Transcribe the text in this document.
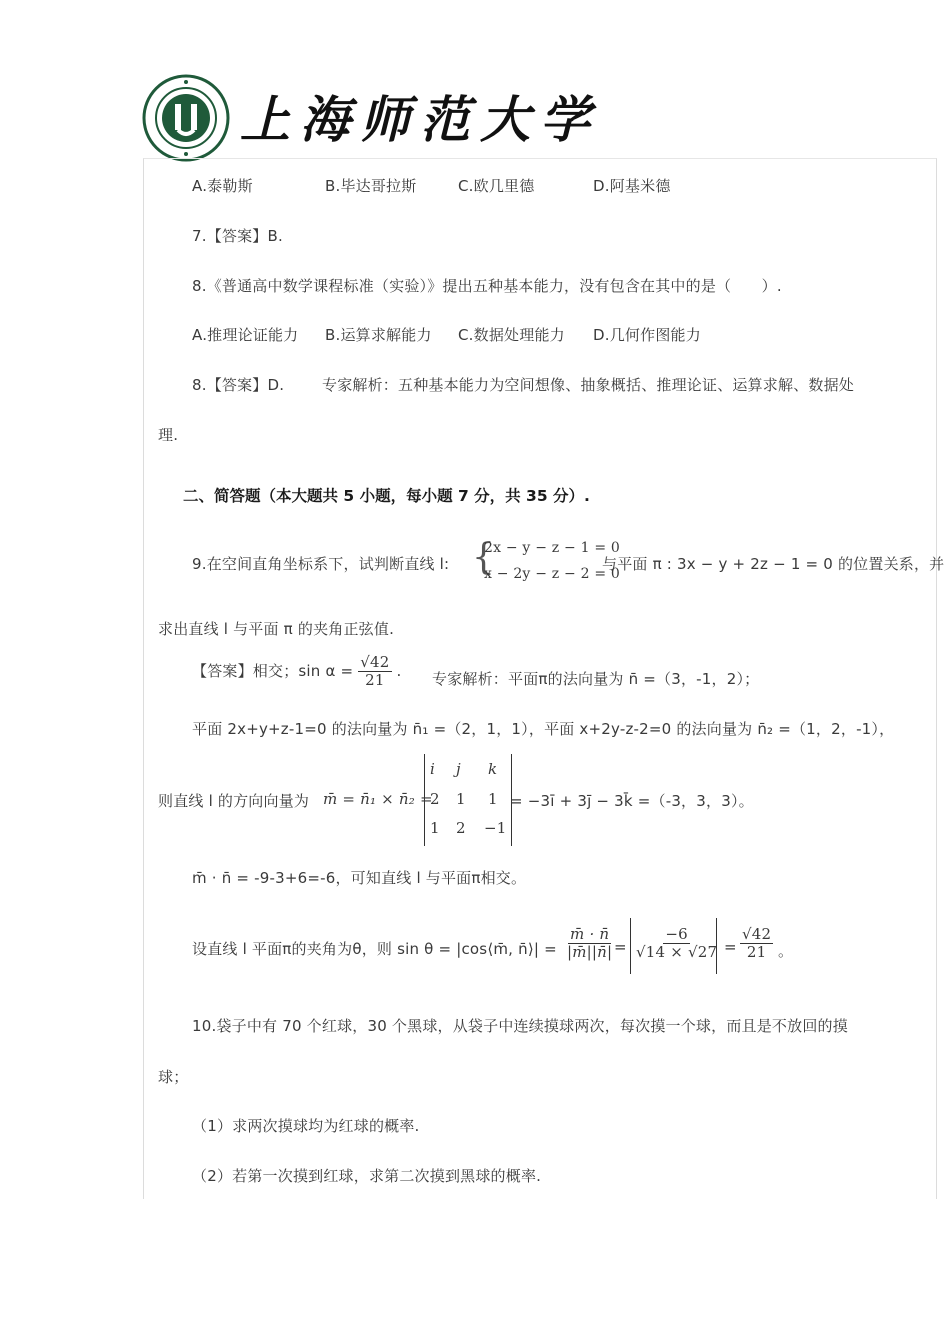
上海师范大学
A.泰勒斯	B.毕达哥拉斯	C.欧几里德	D.阿基米德
7.【答案】B.
8.《普通高中数学课程标准（实验）》提出五种基本能力，没有包含在其中的是（　　）.
A.推理论证能力 B.运算求解能力 C.数据处理能力 D.几何作图能力
8.【答案】D.	专家解析：五种基本能力为空间想像、抽象概括、推理论证、运算求解、数据处
理.
二、简答题（本大题共 5 小题，每小题 7 分，共 35 分）.
9.在空间直角坐标系下，试判断直线 l: {
2x − y − z − 1 = 0
x − 2y − z − 2 = 0
与平面 π : 3x − y + 2z − 1 = 0 的位置关系，并
求出直线 l 与平面 π 的夹角正弦值.
【答案】相交；$\sin \alpha = \frac{√42}{21}$ . 专家解析：平面π的法向量为 n̄ =（3，-1，2）；
平面 2x+y+z-1=0 的法向量为 n̄₁ =（2，1，1），平面 x+2y-z-2=0 的法向量为 n̄₂ =（1，2，-1），
则直线 l 的方向向量为 m̄ = n̄₁ × n̄₂ =
i j k
2 1 1
1 2 −1
= −3ī + 3j̄ − 3k̄ =（-3，3，3）。
m̄ · n̄ = -9-3+6=-6，可知直线 l 与平面π相交。
设直线 l 平面π的夹角为θ，则 sin θ = |cos⟨m̄, n̄⟩| = $\frac{m̄ \cdot n̄}{|m̄||n̄|} = \frac{-6}{√14 \times √27} = \frac{√42}{21}$ 。
10.袋子中有 70 个红球，30 个黑球，从袋子中连续摸球两次，每次摸一个球，而且是不放回的摸
球；
（1）求两次摸球均为红球的概率.
（2）若第一次摸到红球，求第二次摸到黑球的概率.
